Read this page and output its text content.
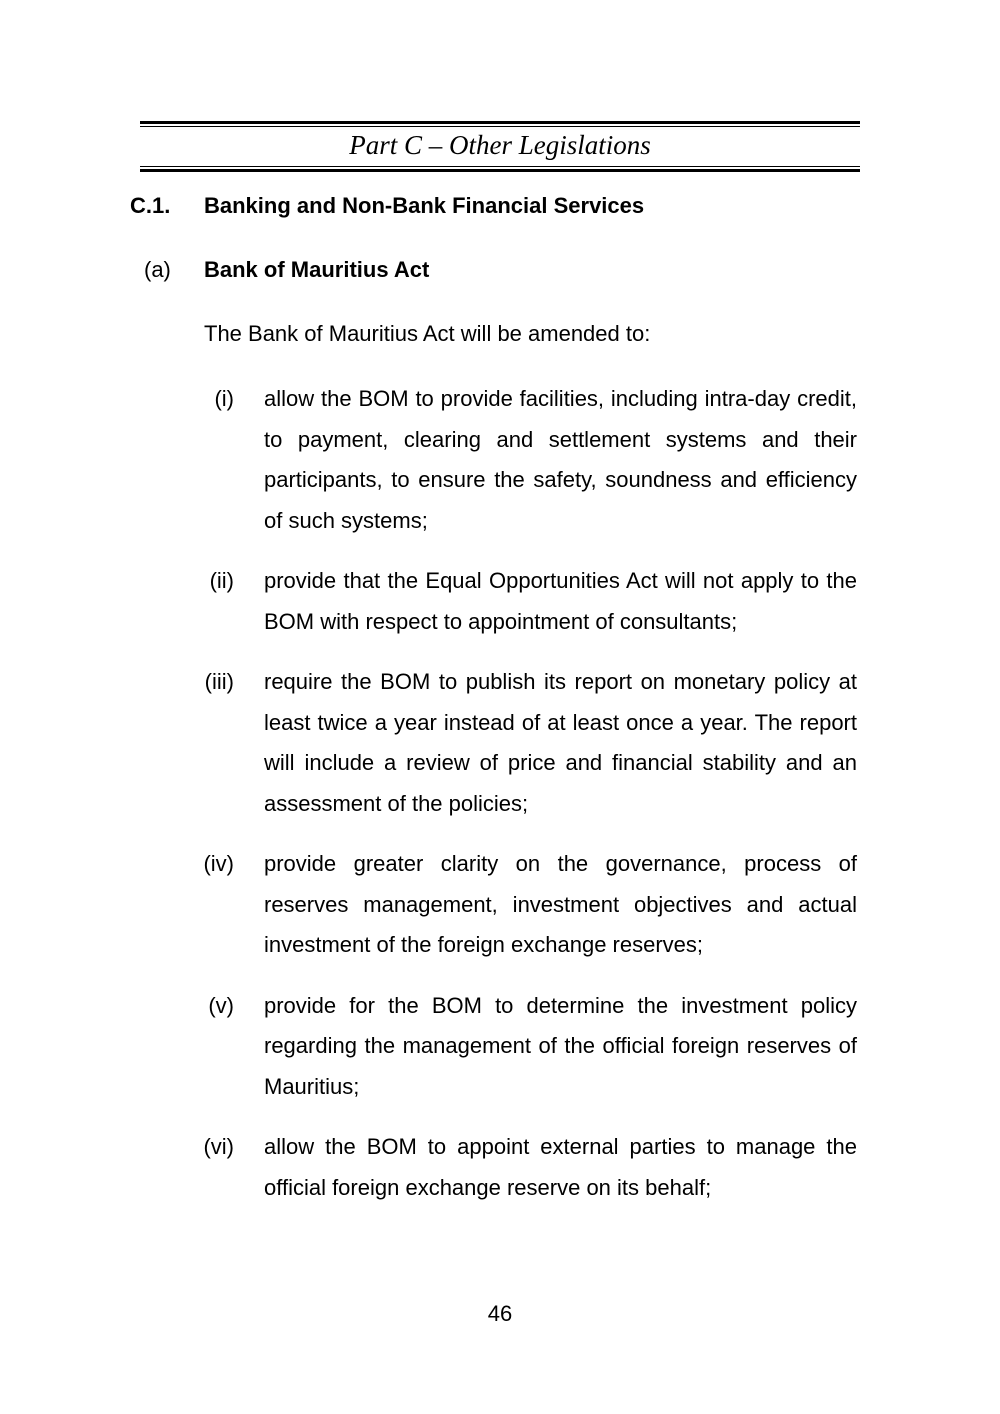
Part C – Other Legislations
C.1. Banking and Non-Bank Financial Services
(a) Bank of Mauritius Act
The Bank of Mauritius Act will be amended to:
(i) allow the BOM to provide facilities, including intra-day credit, to payment, clearing and settlement systems and their participants, to ensure the safety, soundness and efficiency of such systems;
(ii) provide that the Equal Opportunities Act will not apply to the BOM with respect to appointment of consultants;
(iii) require the BOM to publish its report on monetary policy at least twice a year instead of at least once a year. The report will include a review of price and financial stability and an assessment of the policies;
(iv) provide greater clarity on the governance, process of reserves management, investment objectives and actual investment of the foreign exchange reserves;
(v) provide for the BOM to determine the investment policy regarding the management of the official foreign reserves of Mauritius;
(vi) allow the BOM to appoint external parties to manage the official foreign exchange reserve on its behalf;
46
